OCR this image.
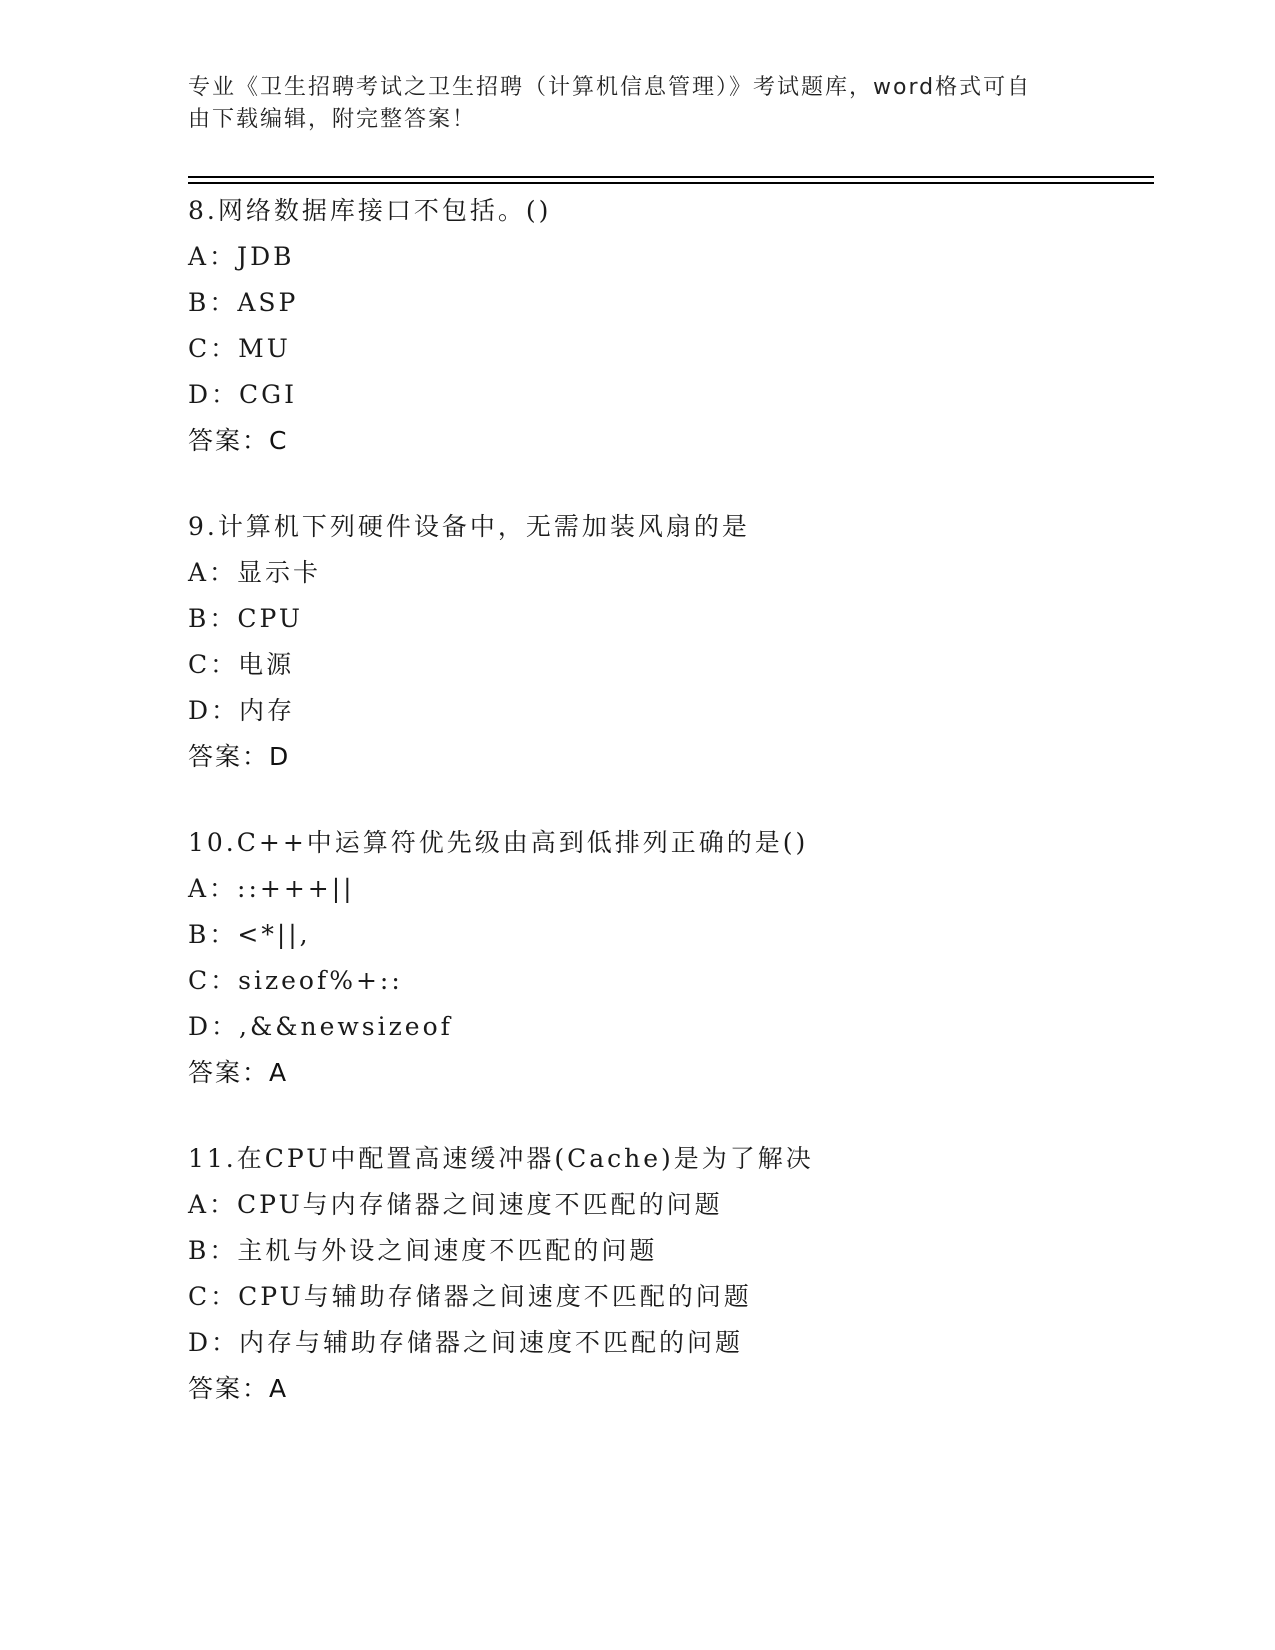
专业《卫生招聘考试之卫生招聘（计算机信息管理）》考试题库，word格式可自
由下载编辑，附完整答案！
8.网络数据库接口不包括。()
A：JDB
B：ASP
C：MU
D：CGI
答案：C
9.计算机下列硬件设备中，无需加装风扇的是
A：显示卡
B：CPU
C：电源
D：内存
答案：D
10.C++中运算符优先级由高到低排列正确的是()
A：::+++||
B：<*||,
C：sizeof%+::
D：,&&newsizeof
答案：A
11.在CPU中配置高速缓冲器(Cache)是为了解决
A：CPU与内存储器之间速度不匹配的问题
B：主机与外设之间速度不匹配的问题
C：CPU与辅助存储器之间速度不匹配的问题
D：内存与辅助存储器之间速度不匹配的问题
答案：A
